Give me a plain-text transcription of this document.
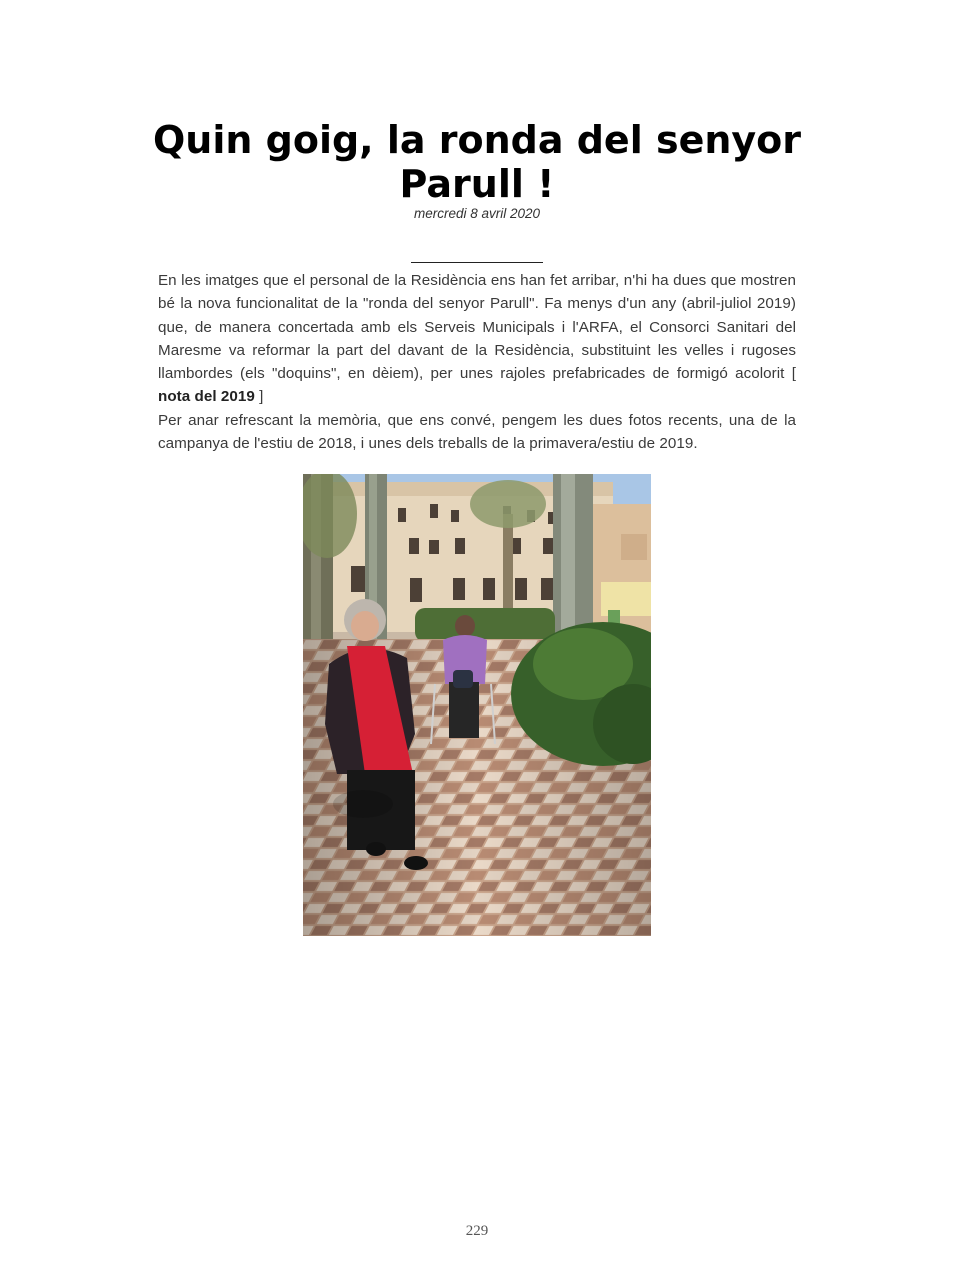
Quin goig, la ronda del senyor Parull !
mercredi 8 avril 2020

En les imatges que el personal de la Residència ens han fet arribar, n'hi ha dues que mostren bé la nova funcionalitat de la "ronda del senyor Parull". Fa menys d'un any (abril-juliol 2019) que, de manera concertada amb els Serveis Municipals i l'ARFA, el Consorci Sanitari del Maresme va reformar la part del davant de la Residència, substituint les velles i rugoses llambordes (els "doquins", en dèiem), per unes rajoles prefabricades de formigó acolorit [ nota del 2019 ]

Per anar refrescant la memòria, que ens convé, pengem les dues fotos recents, una de la campanya de l'estiu de 2018, i unes dels treballs de la primavera/estiu de 2019.

229
